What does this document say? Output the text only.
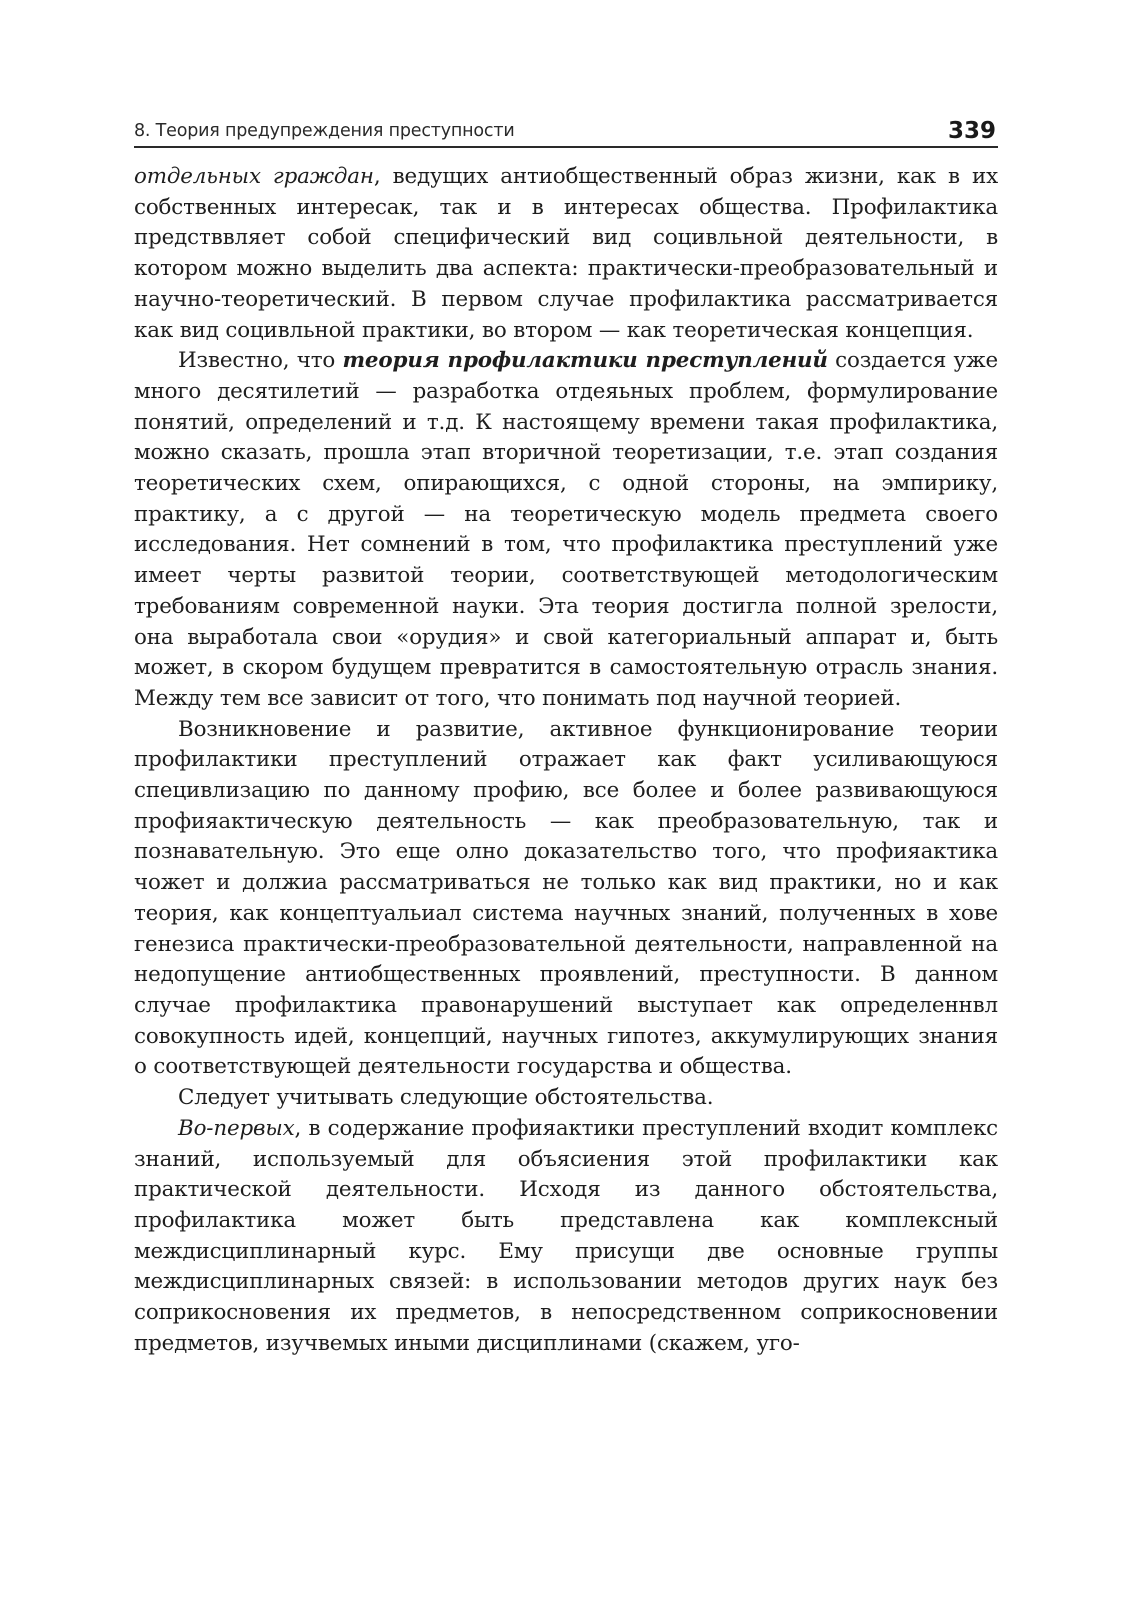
8. Теория предупреждения преступности	339

отдельных граждан, ведущих антиобщественный образ жизни, как в их собственных интересак, так и в интересах общества. Профилактика предстввляет собой специфический вид социвльной деятельности, в котором можно выделить два аспекта: практически-преобразовательный и научно-теоретический. В первом случае профилактика рассматривается как вид социвльной практики, во втором — как теоретическая концепция.

Известно, что теория профилактики преступлений создается уже много десятилетий — разработка отдеяьных проблем, формулирование понятий, определений и т.д. К настоящему времени такая профилактика, можно сказать, прошла этап вторичной теоретизации, т.е. этап создания теоретических схем, опирающихся, с одной стороны, на эмпирику, практику, а с другой — на теоретическую модель предмета своего исследования. Нет сомнений в том, что профилактика преступлений уже имеет черты развитой теории, соответствующей методологическим требованиям современной науки. Эта теория достигла полной зрелости, она выработала свои «орудия» и свой категориальный аппарат и, быть может, в скором будущем превратится в самостоятельную отрасль знания. Между тем все зависит от того, что понимать под научной теорией.

Возникновение и развитие, активное функционирование теории профилактики преступлений отражает как факт усиливающуюся специвлизацию по данному профию, все более и более развивающуюся профияактическую деятельность — как преобразовательную, так и познавательную. Это еще олно доказательство того, что профияактика чожет и должиа рассматриваться не только как вид практики, но и как теория, как концептуальиал система научных знаний, полученных в хове генезиса практически-преобразовательной деятельности, направленной на недопущение антиобщественных проявлений, преступности. В данном случае профилактика правонарушений выступает как определеннвл совокупность идей, концепций, научных гипотез, аккумулирующих знания о соответствующей деятельности государства и общества.

Следует учитывать следующие обстоятельства.

Во-первых, в содержание профияактики преступлений входит комплекс знаний, используемый для объясиения этой профилактики как практической деятельности. Исходя из данного обстоятельства, профилактика может быть представлена как комплексный междисциплинарный курс. Ему присущи две основные группы междисциплинарных связей: в использовании методов других наук без соприкосновения их предметов, в непосредственном соприкосновении предметов, изучвемых иными дисциплинами (скажем, уго-
